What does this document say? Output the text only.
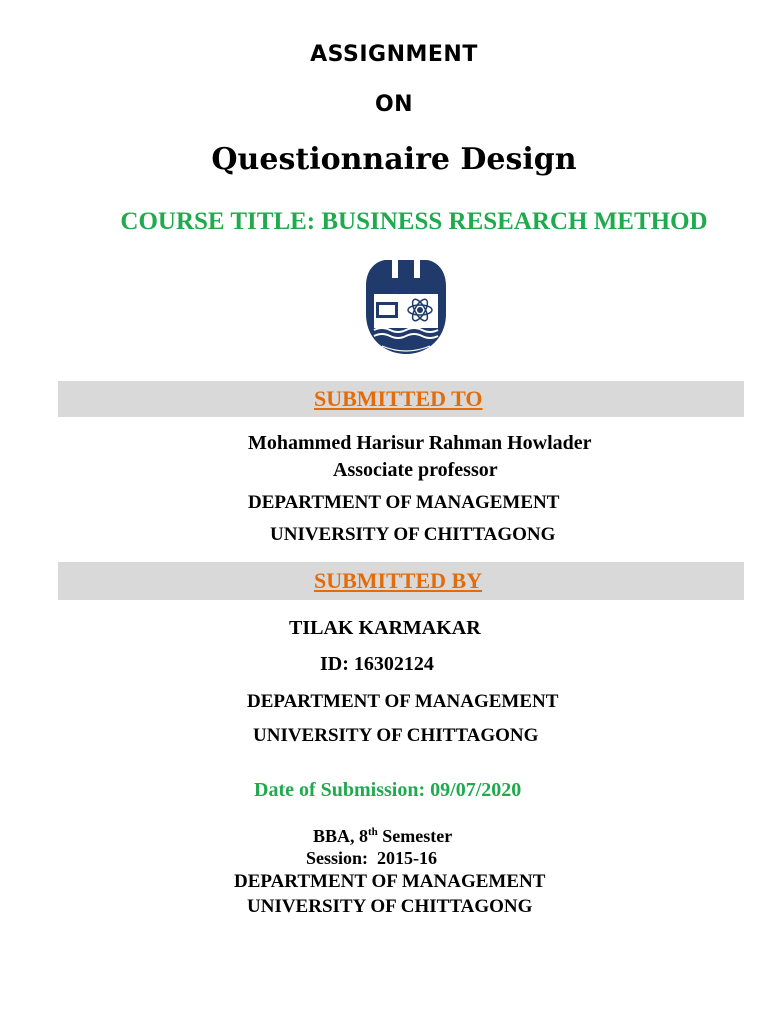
ASSIGNMENT
ON
Questionnaire Design
COURSE TITLE: BUSINESS RESEARCH METHOD
SUBMITTED TO
Mohammed Harisur Rahman Howlader
Associate professor
DEPARTMENT OF MANAGEMENT
UNIVERSITY OF CHITTAGONG
SUBMITTED BY
TILAK KARMAKAR
ID: 16302124
DEPARTMENT OF MANAGEMENT
UNIVERSITY OF CHITTAGONG
Date of Submission: 09/07/2020
BBA, 8th Semester
Session:  2015-16
DEPARTMENT OF MANAGEMENT
UNIVERSITY OF CHITTAGONG
